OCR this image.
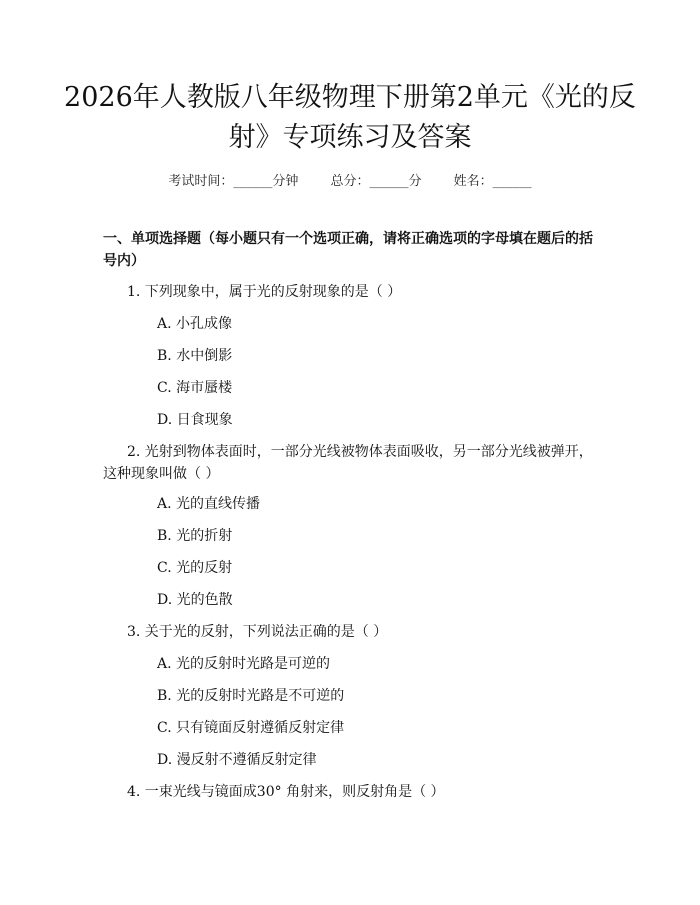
2026年人教版八年级物理下册第2单元《光的反射》专项练习及答案
考试时间：______分钟 总分：______分 姓名：______
一、单项选择题（每小题只有一个选项正确，请将正确选项的字母填在题后的括号内）
1. 下列现象中，属于光的反射现象的是（ ）
A. 小孔成像
B. 水中倒影
C. 海市蜃楼
D. 日食现象
2. 光射到物体表面时，一部分光线被物体表面吸收，另一部分光线被弹开，这种现象叫做（ ）
A. 光的直线传播
B. 光的折射
C. 光的反射
D. 光的色散
3. 关于光的反射，下列说法正确的是（ ）
A. 光的反射时光路是可逆的
B. 光的反射时光路是不可逆的
C. 只有镜面反射遵循反射定律
D. 漫反射不遵循反射定律
4. 一束光线与镜面成30° 角射来，则反射角是（ ）
